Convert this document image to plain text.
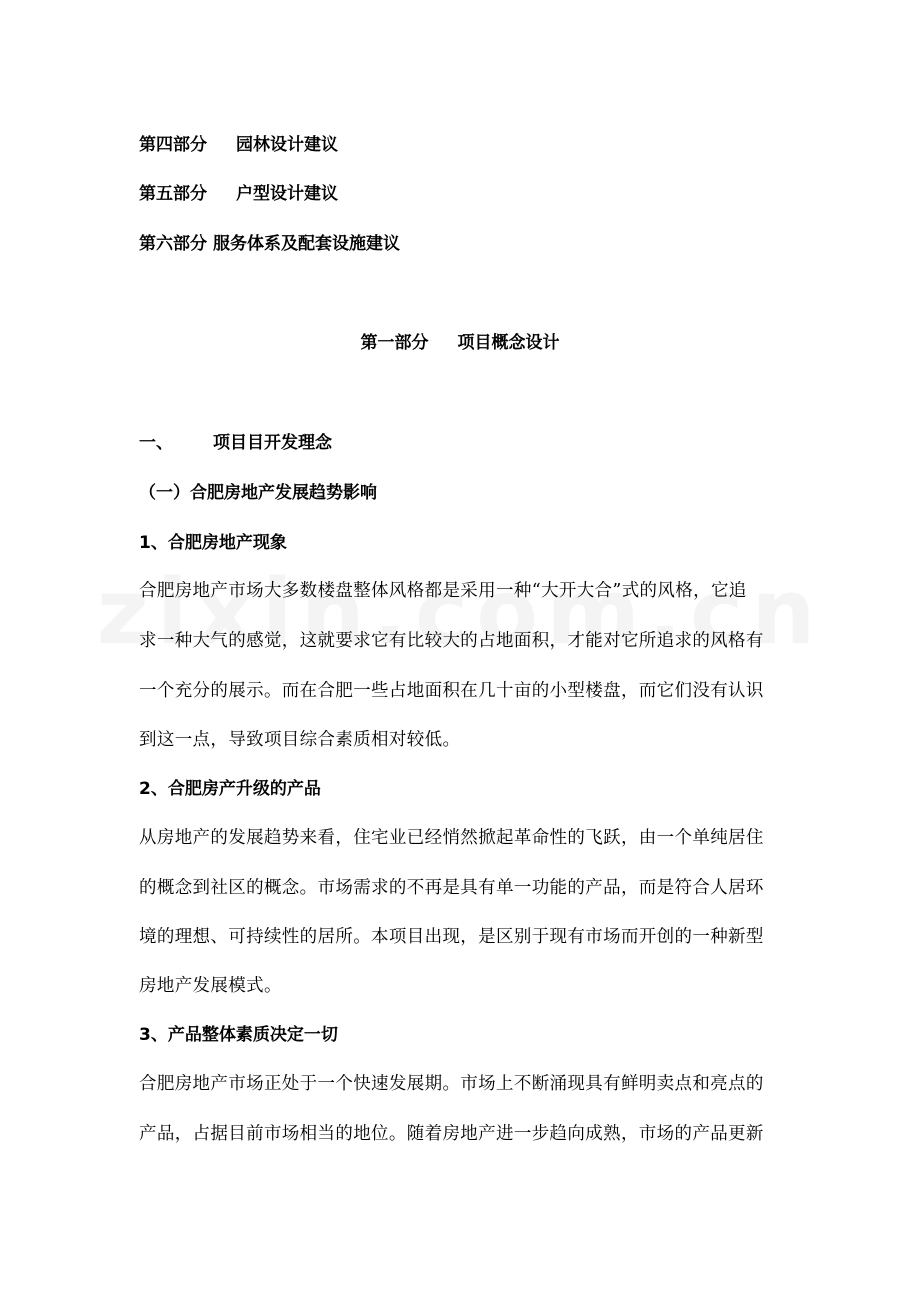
第四部分 园林设计建议
第五部分 户型设计建议
第六部分 服务体系及配套设施建议
第一部分 项目概念设计
一、 项目目开发理念
（一）合肥房地产发展趋势影响
1、合肥房地产现象
合肥房地产市场大多数楼盘整体风格都是采用一种“大开大合”式的风格，它追
求一种大气的感觉，这就要求它有比较大的占地面积，才能对它所追求的风格有
一个充分的展示。而在合肥一些占地面积在几十亩的小型楼盘，而它们没有认识
到这一点，导致项目综合素质相对较低。
2、合肥房产升级的产品
从房地产的发展趋势来看，住宅业已经悄然掀起革命性的飞跃，由一个单纯居住
的概念到社区的概念。市场需求的不再是具有单一功能的产品，而是符合人居环
境的理想、可持续性的居所。本项目出现，是区别于现有市场而开创的一种新型
房地产发展模式。
3、产品整体素质决定一切
合肥房地产市场正处于一个快速发展期。市场上不断涌现具有鲜明卖点和亮点的
产品，占据目前市场相当的地位。随着房地产进一步趋向成熟，市场的产品更新
